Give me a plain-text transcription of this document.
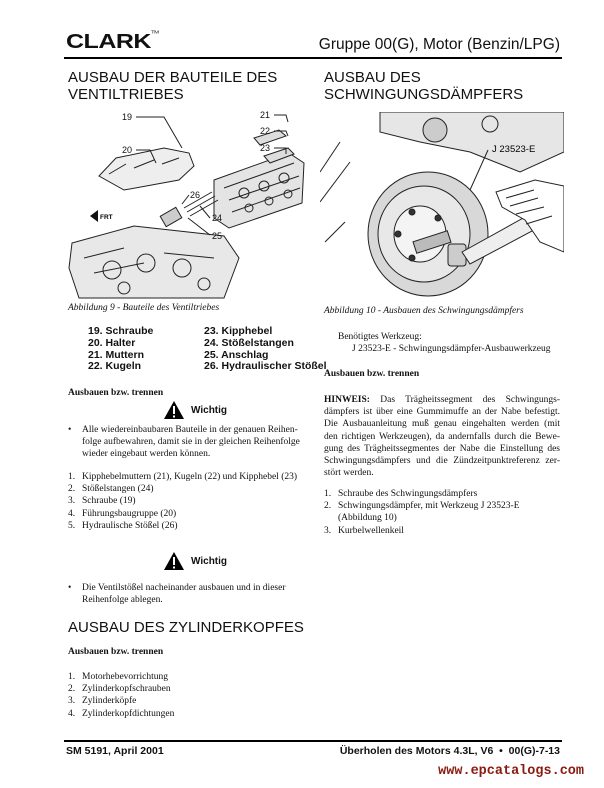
CLARK™
Gruppe 00(G), Motor (Benzin/LPG)
AUSBAU DER BAUTEILE DES
VENTILTRIEBES
19
20
21
22
23
24
25
26
FRT
Abbildung 9 - Bauteile des Ventiltriebes
19. Schraube	23. Kipphebel
20. Halter	24. Stößelstangen
21. Muttern	25. Anschlag
22. Kugeln	26. Hydraulischer Stößel
Ausbauen bzw. trennen
Wichtig
•	Alle wiedereinbaubaren Bauteile in der genauen Reihen-
folge aufbewahren, damit sie in der gleichen Reihenfolge
wieder eingebaut werden können.
1. Kipphebelmuttern (21), Kugeln (22) und Kipphebel (23)
2. Stößelstangen (24)
3. Schraube (19)
4. Führungsbaugruppe (20)
5. Hydraulische Stößel (26)
Wichtig
•	Die Ventilstößel nacheinander ausbauen und in dieser
Reihenfolge ablegen.
AUSBAU DES ZYLINDERKOPFES
Ausbauen bzw. trennen
1. Motorhebevorrichtung
2. Zylinderkopfschrauben
3. Zylinderköpfe
4. Zylinderkopfdichtungen
AUSBAU DES
SCHWINGUNGSDÄMPFERS
J 23523-E
Abbildung 10 - Ausbauen des Schwingungsdämpfers
Benötigtes Werkzeug:
J 23523-E - Schwingungsdämpfer-Ausbauwerkzeug
Ausbauen bzw. trennen
HINWEIS: Das Trägheitssegment des Schwingungs-
dämpfers ist über eine Gummimuffe an der Nabe befestigt.
Die Ausbauanleitung muß genau eingehalten werden (mit
den richtigen Werkzeugen), da andernfalls durch die Bewe-
gung des Trägheitssegmentes der Nabe die Einstellung des
Schwingungsdämpfers und die Zündzeitpunktreferenz zer-
stört werden.
1. Schraube des Schwingungsdämpfers
2. Schwingungsdämpfer, mit Werkzeug J 23523-E
(Abbildung 10)
3. Kurbelwellenkeil
SM 5191, April 2001	Überholen des Motors 4.3L, V6  •  00(G)-7-13
www.epcatalogs.com
